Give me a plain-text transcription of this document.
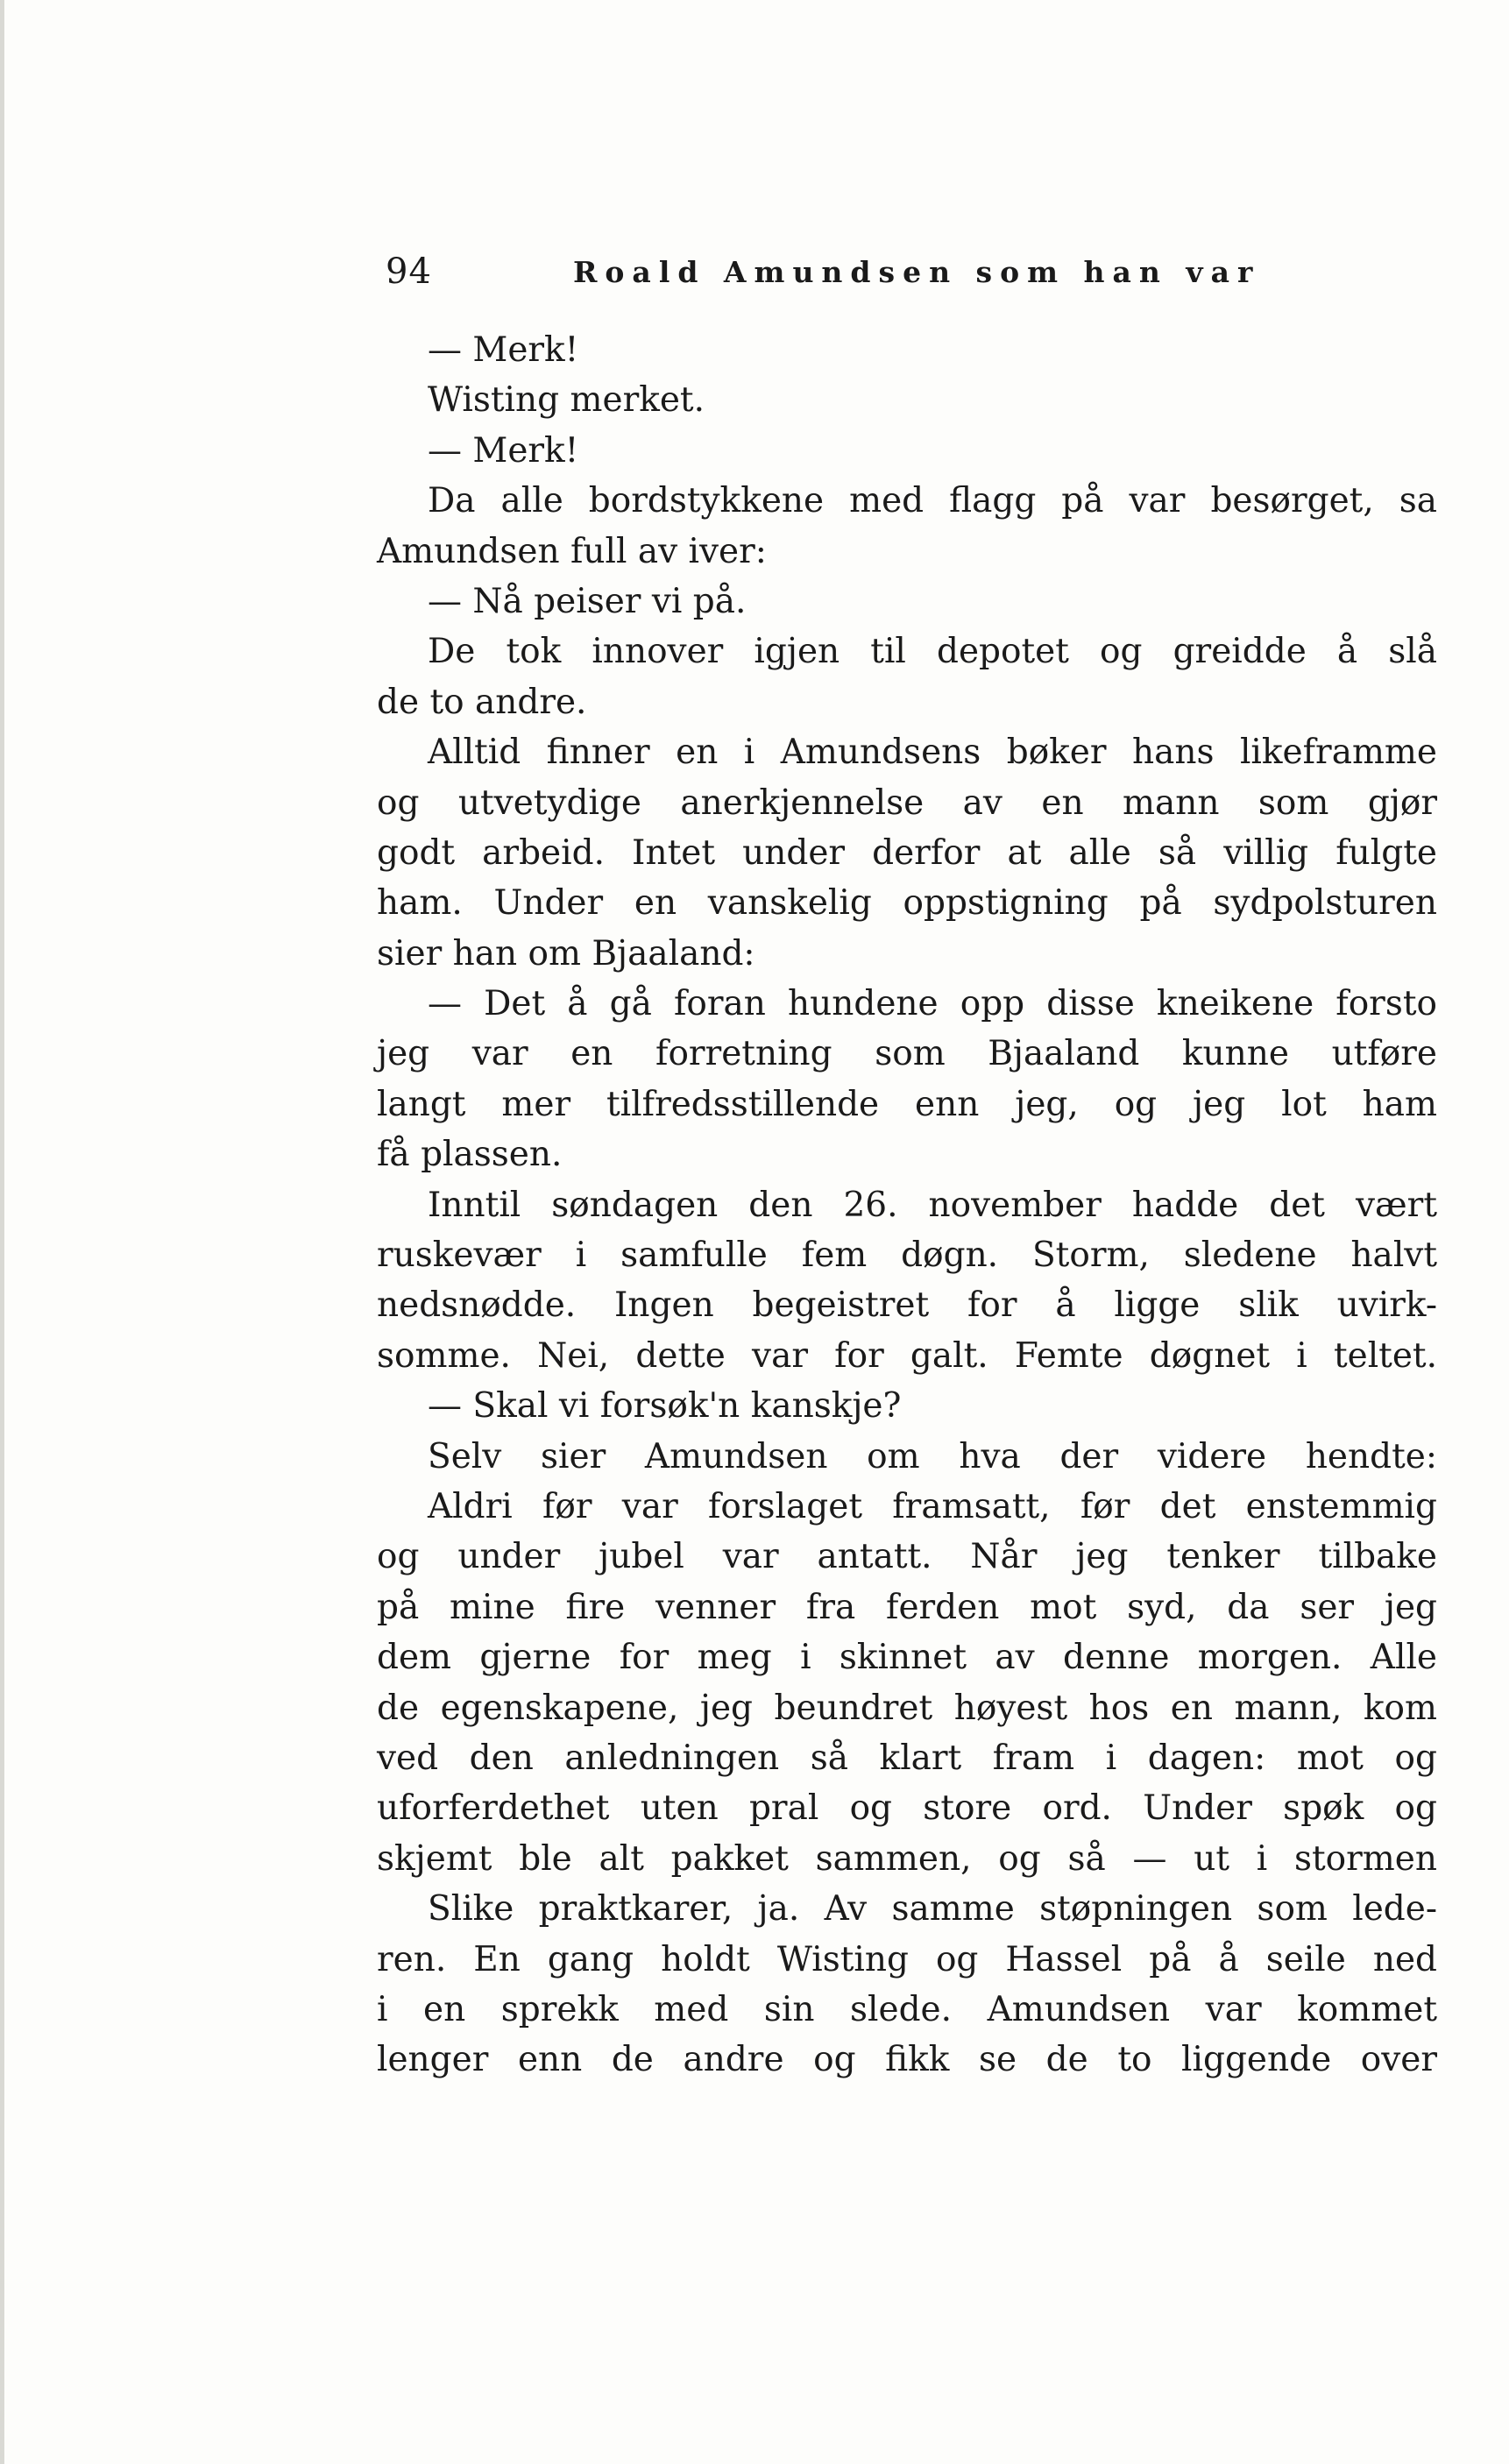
94	Roald Amundsen som han var
— Merk!
Wisting merket.
— Merk!
Da alle bordstykkene med flagg på var besørget, sa
Amundsen full av iver:
— Nå peiser vi på.
De tok innover igjen til depotet og greidde å slå
de to andre.
Alltid finner en i Amundsens bøker hans likeframme
og utvetydige anerkjennelse av en mann som gjør
godt arbeid. Intet under derfor at alle så villig fulgte
ham. Under en vanskelig oppstigning på sydpolsturen
sier han om Bjaaland:
— Det å gå foran hundene opp disse kneikene forsto
jeg var en forretning som Bjaaland kunne utføre
langt mer tilfredsstillende enn jeg, og jeg lot ham
få plassen.
Inntil søndagen den 26. november hadde det vært
ruskevær i samfulle fem døgn. Storm, sledene halvt
nedsnødde. Ingen begeistret for å ligge slik uvirk-
somme. Nei, dette var for galt. Femte døgnet i teltet.
— Skal vi forsøk'n kanskje?
Selv sier Amundsen om hva der videre hendte:
Aldri før var forslaget framsatt, før det enstemmig
og under jubel var antatt. Når jeg tenker tilbake
på mine fire venner fra ferden mot syd, da ser jeg
dem gjerne for meg i skinnet av denne morgen. Alle
de egenskapene, jeg beundret høyest hos en mann, kom
ved den anledningen så klart fram i dagen: mot og
uforferdethet uten pral og store ord. Under spøk og
skjemt ble alt pakket sammen, og så — ut i stormen
Slike praktkarer, ja. Av samme støpningen som lede-
ren. En gang holdt Wisting og Hassel på å seile ned
i en sprekk med sin slede. Amundsen var kommet
lenger enn de andre og fikk se de to liggende over
